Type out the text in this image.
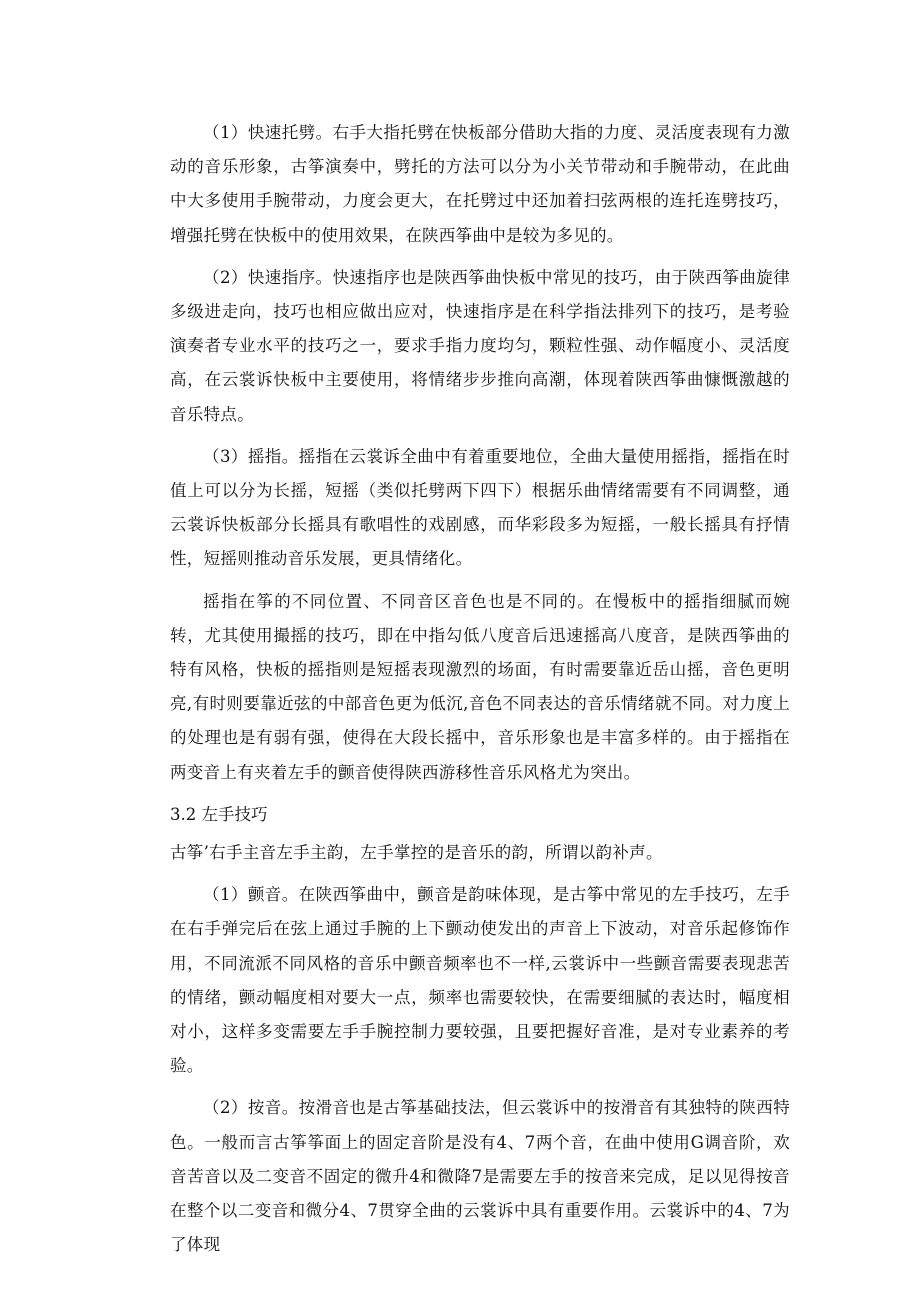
（1）快速托劈。右手大指托劈在快板部分借助大指的力度、灵活度表现有力激动的音乐形象，古筝演奏中，劈托的方法可以分为小关节带动和手腕带动，在此曲中大多使用手腕带动，力度会更大，在托劈过中还加着扫弦两根的连托连劈技巧，增强托劈在快板中的使用效果，在陕西筝曲中是较为多见的。

（2）快速指序。快速指序也是陕西筝曲快板中常见的技巧，由于陕西筝曲旋律多级进走向，技巧也相应做出应对，快速指序是在科学指法排列下的技巧，是考验演奏者专业水平的技巧之一，要求手指力度均匀，颗粒性强、动作幅度小、灵活度高，在云裳诉快板中主要使用，将情绪步步推向高潮，体现着陕西筝曲慷慨激越的音乐特点。

（3）摇指。摇指在云裳诉全曲中有着重要地位，全曲大量使用摇指，摇指在时值上可以分为长摇，短摇（类似托劈两下四下）根据乐曲情绪需要有不同调整，通云裳诉快板部分长摇具有歌唱性的戏剧感，而华彩段多为短摇，一般长摇具有抒情性，短摇则推动音乐发展，更具情绪化。

摇指在筝的不同位置、不同音区音色也是不同的。在慢板中的摇指细腻而婉转，尤其使用撮摇的技巧，即在中指勾低八度音后迅速摇高八度音，是陕西筝曲的特有风格，快板的摇指则是短摇表现激烈的场面，有时需要靠近岳山摇，音色更明亮,有时则要靠近弦的中部音色更为低沉,音色不同表达的音乐情绪就不同。对力度上的处理也是有弱有强，使得在大段长摇中，音乐形象也是丰富多样的。由于摇指在两变音上有夹着左手的颤音使得陕西游移性音乐风格尤为突出。

3.2 左手技巧

古筝’右手主音左手主韵，左手掌控的是音乐的韵，所谓以韵补声。

（1）颤音。在陕西筝曲中，颤音是韵味体现，是古筝中常见的左手技巧，左手在右手弹完后在弦上通过手腕的上下颤动使发出的声音上下波动，对音乐起修饰作用，不同流派不同风格的音乐中颤音频率也不一样,云裳诉中一些颤音需要表现悲苦的情绪，颤动幅度相对要大一点，频率也需要较快，在需要细腻的表达时，幅度相对小，这样多变需要左手手腕控制力要较强，且要把握好音准，是对专业素养的考验。

（2）按音。按滑音也是古筝基础技法，但云裳诉中的按滑音有其独特的陕西特色。一般而言古筝筝面上的固定音阶是没有4、7两个音，在曲中使用G调音阶，欢音苦音以及二变音不固定的微升4和微降7是需要左手的按音来完成，足以见得按音在整个以二变音和微分4、7贯穿全曲的云裳诉中具有重要作用。云裳诉中的4、7为了体现
